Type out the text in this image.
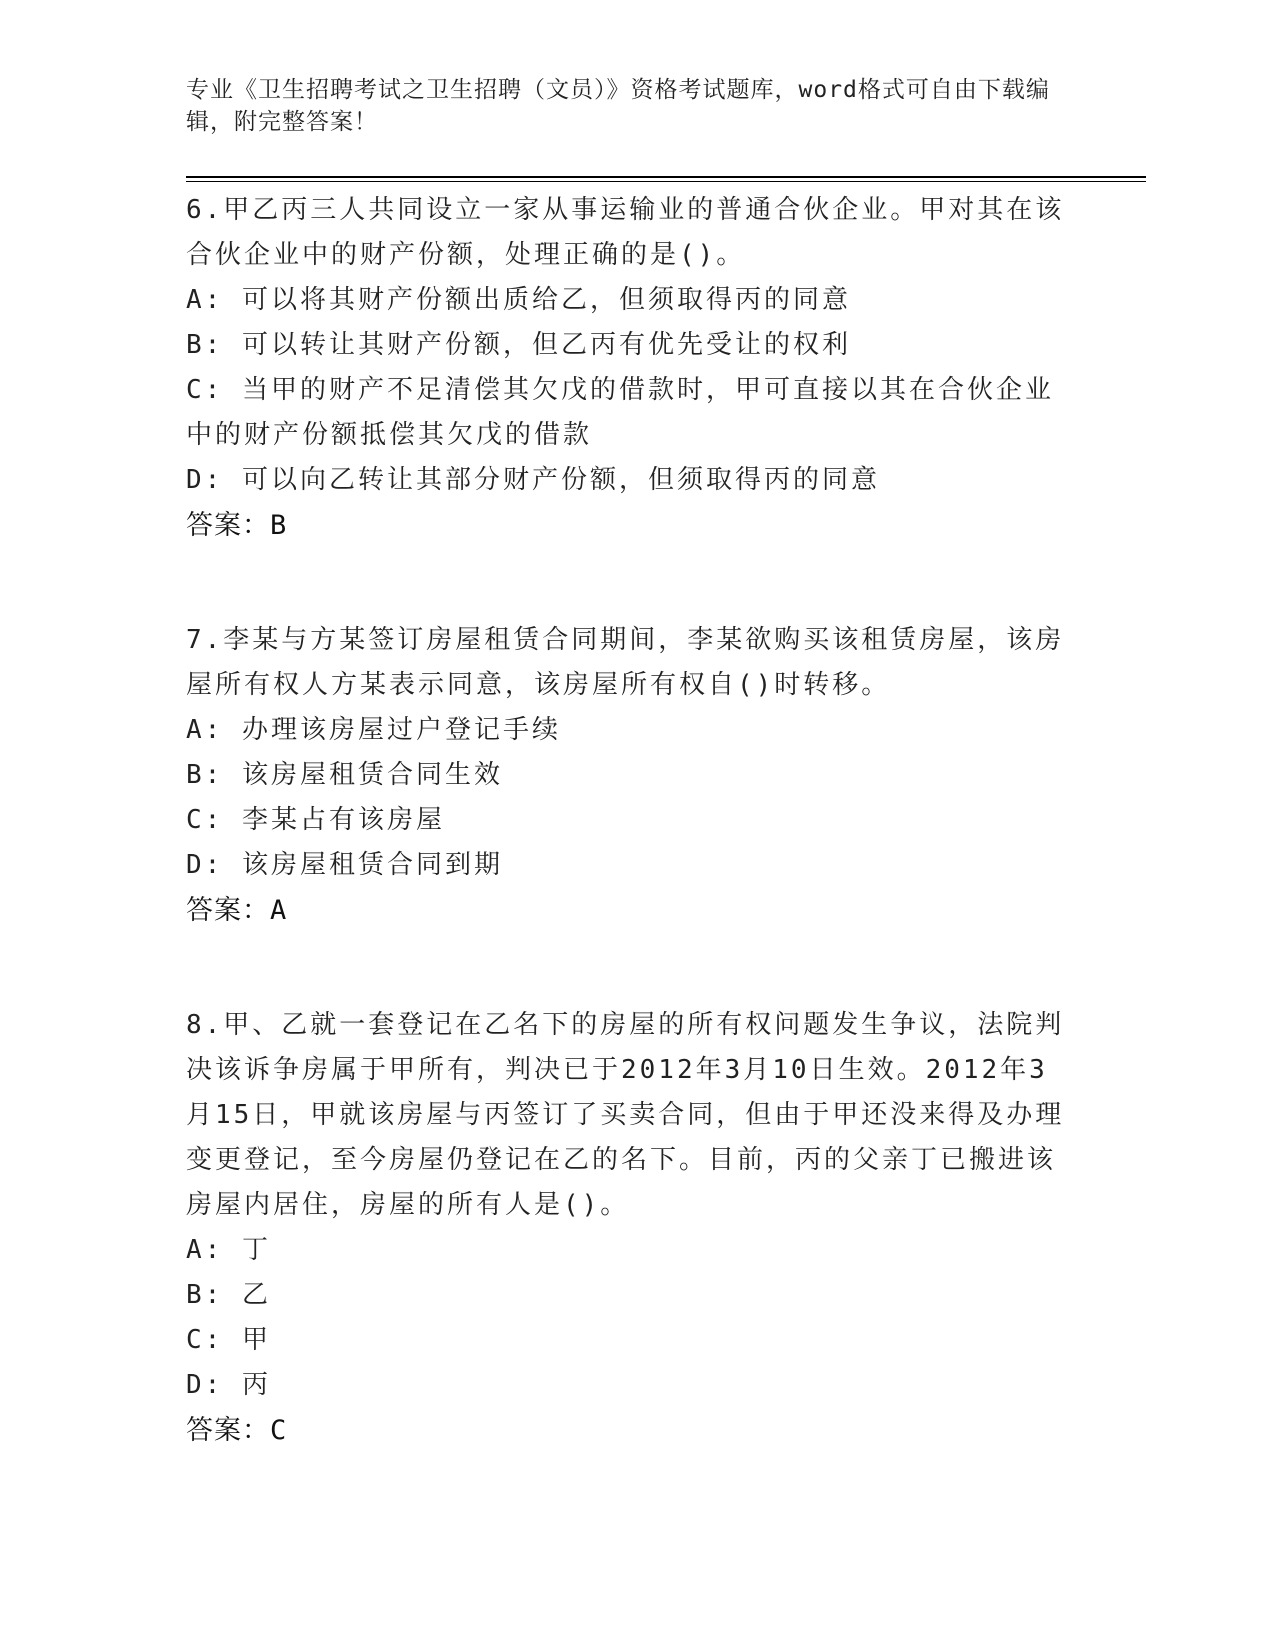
专业《卫生招聘考试之卫生招聘（文员）》资格考试题库，word格式可自由下载编辑，附完整答案！

6.甲乙丙三人共同设立一家从事运输业的普通合伙企业。甲对其在该合伙企业中的财产份额，处理正确的是()。

A: 可以将其财产份额出质给乙，但须取得丙的同意

B: 可以转让其财产份额，但乙丙有优先受让的权利

C: 当甲的财产不足清偿其欠戊的借款时，甲可直接以其在合伙企业中的财产份额抵偿其欠戊的借款

D: 可以向乙转让其部分财产份额，但须取得丙的同意

答案：B

7.李某与方某签订房屋租赁合同期间，李某欲购买该租赁房屋，该房屋所有权人方某表示同意，该房屋所有权自()时转移。

A: 办理该房屋过户登记手续

B: 该房屋租赁合同生效

C: 李某占有该房屋

D: 该房屋租赁合同到期

答案：A

8.甲、乙就一套登记在乙名下的房屋的所有权问题发生争议，法院判决该诉争房属于甲所有，判决已于2012年3月10日生效。2012年3月15日，甲就该房屋与丙签订了买卖合同，但由于甲还没来得及办理变更登记，至今房屋仍登记在乙的名下。目前，丙的父亲丁已搬进该房屋内居住，房屋的所有人是()。

A: 丁

B: 乙

C: 甲

D: 丙

答案：C
